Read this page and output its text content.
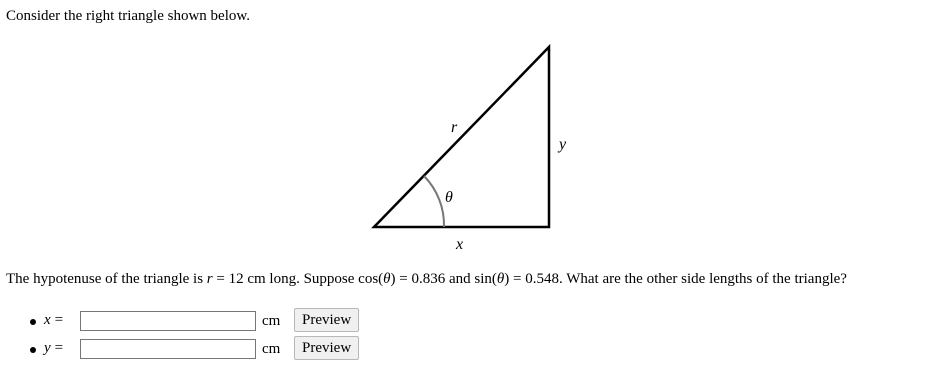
Consider the right triangle shown below.
r
y
θ
x
The hypotenuse of the triangle is r = 12 cm long. Suppose cos(θ) = 0.836 and sin(θ) = 0.548. What are the other side lengths of the triangle?
x =	cm	Preview
y =	cm	Preview
